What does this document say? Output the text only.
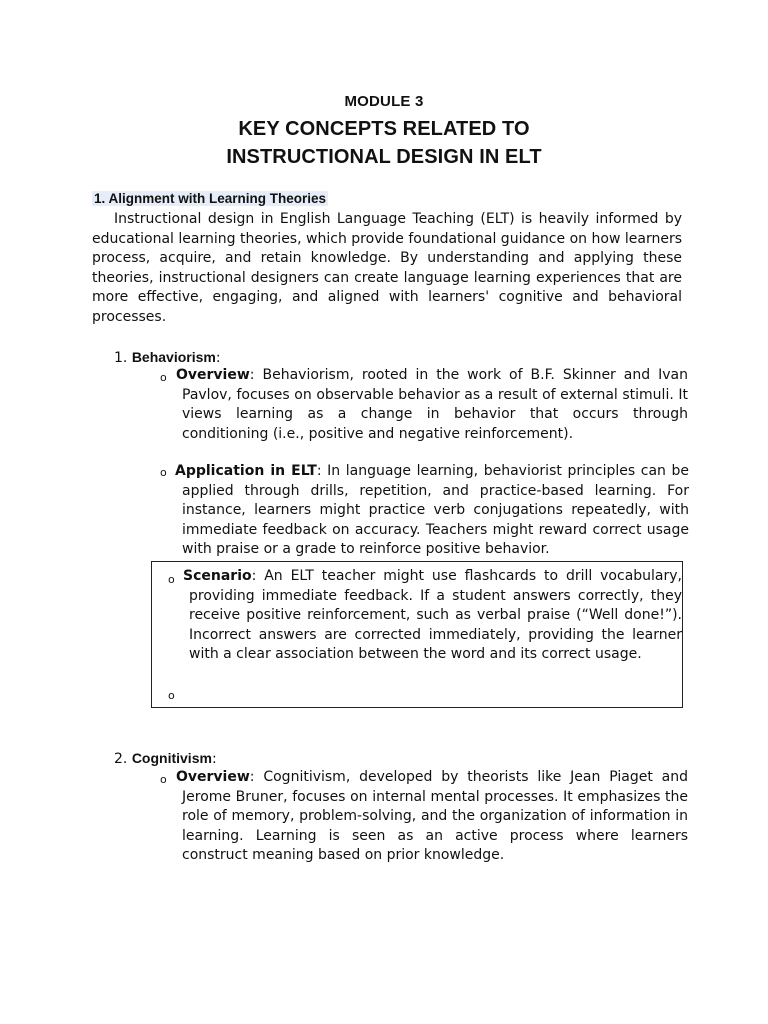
MODULE 3
KEY CONCEPTS RELATED TO
INSTRUCTIONAL DESIGN IN ELT
1. Alignment with Learning Theories
Instructional design in English Language Teaching (ELT) is heavily informed by educational learning theories, which provide foundational guidance on how learners process, acquire, and retain knowledge. By understanding and applying these theories, instructional designers can create language learning experiences that are more effective, engaging, and aligned with learners' cognitive and behavioral processes.
1. Behaviorism:
o Overview: Behaviorism, rooted in the work of B.F. Skinner and Ivan Pavlov, focuses on observable behavior as a result of external stimuli. It views learning as a change in behavior that occurs through conditioning (i.e., positive and negative reinforcement).
o Application in ELT: In language learning, behaviorist principles can be applied through drills, repetition, and practice-based learning. For instance, learners might practice verb conjugations repeatedly, with immediate feedback on accuracy. Teachers might reward correct usage with praise or a grade to reinforce positive behavior.
o Scenario: An ELT teacher might use flashcards to drill vocabulary, providing immediate feedback. If a student answers correctly, they receive positive reinforcement, such as verbal praise (“Well done!”). Incorrect answers are corrected immediately, providing the learner with a clear association between the word and its correct usage.
o
2. Cognitivism:
o Overview: Cognitivism, developed by theorists like Jean Piaget and Jerome Bruner, focuses on internal mental processes. It emphasizes the role of memory, problem-solving, and the organization of information in learning. Learning is seen as an active process where learners construct meaning based on prior knowledge.
